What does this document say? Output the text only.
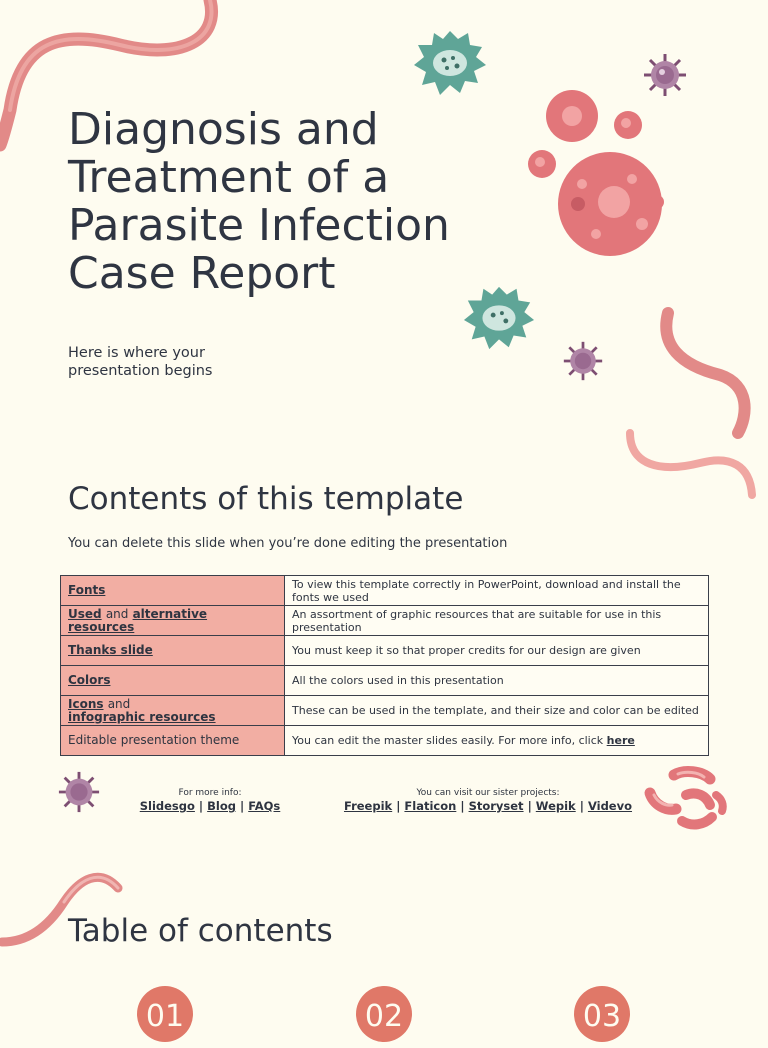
Diagnosis and Treatment of a Parasite Infection Case Report
Here is where your presentation begins
Contents of this template
You can delete this slide when you’re done editing the presentation
Fonts	To view this template correctly in PowerPoint, download and install the fonts we used
Used and alternative resources	An assortment of graphic resources that are suitable for use in this presentation
Thanks slide	You must keep it so that proper credits for our design are given
Colors	All the colors used in this presentation
Icons and
infographic resources	These can be used in the template, and their size and color can be edited
Editable presentation theme	You can edit the master slides easily. For more info, click here
For more info:
Slidesgo | Blog | FAQs
You can visit our sister projects:
Freepik | Flaticon | Storyset | Wepik | Videvo
Table of contents
01	02	03
